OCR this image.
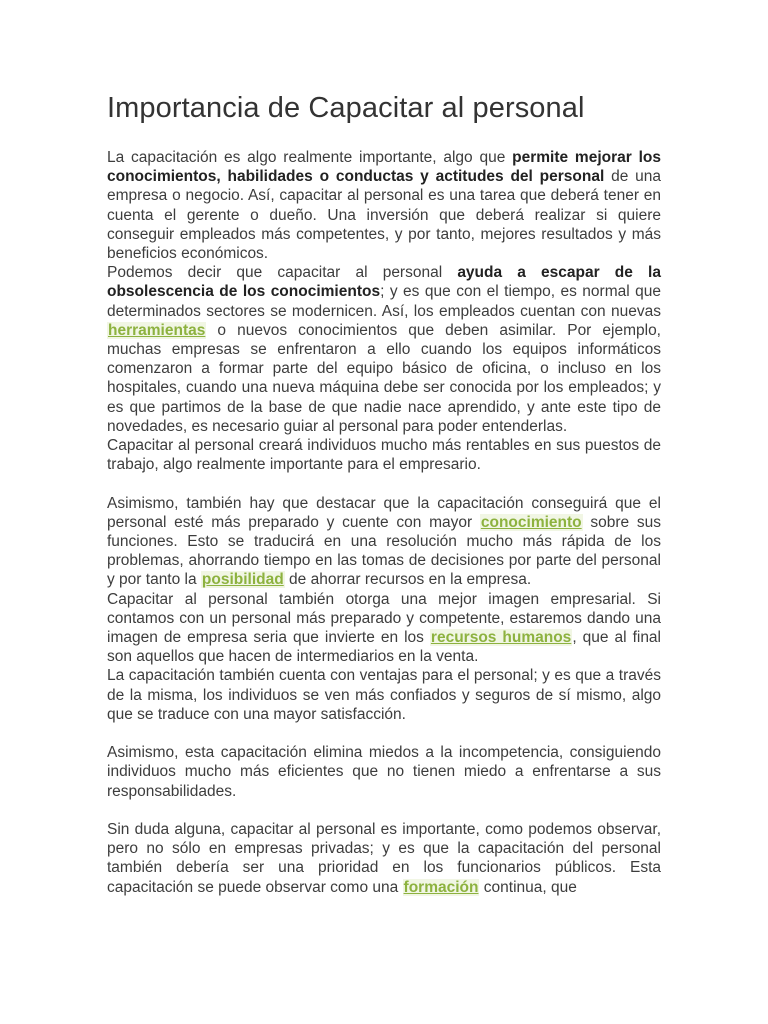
Importancia de Capacitar al personal

La capacitación es algo realmente importante, algo que permite mejorar los conocimientos, habilidades o conductas y actitudes del personal de una empresa o negocio. Así, capacitar al personal es una tarea que deberá tener en cuenta el gerente o dueño. Una inversión que deberá realizar si quiere conseguir empleados más competentes, y por tanto, mejores resultados y más beneficios económicos.

Podemos decir que capacitar al personal ayuda a escapar de la obsolescencia de los conocimientos; y es que con el tiempo, es normal que determinados sectores se modernicen. Así, los empleados cuentan con nuevas herramientas o nuevos conocimientos que deben asimilar. Por ejemplo, muchas empresas se enfrentaron a ello cuando los equipos informáticos comenzaron a formar parte del equipo básico de oficina, o incluso en los hospitales, cuando una nueva máquina debe ser conocida por los empleados; y es que partimos de la base de que nadie nace aprendido, y ante este tipo de novedades, es necesario guiar al personal para poder entenderlas.

Capacitar al personal creará individuos mucho más rentables en sus puestos de trabajo, algo realmente importante para el empresario.

Asimismo, también hay que destacar que la capacitación conseguirá que el personal esté más preparado y cuente con mayor conocimiento sobre sus funciones. Esto se traducirá en una resolución mucho más rápida de los problemas, ahorrando tiempo en las tomas de decisiones por parte del personal y por tanto la posibilidad de ahorrar recursos en la empresa.

Capacitar al personal también otorga una mejor imagen empresarial. Si contamos con un personal más preparado y competente, estaremos dando una imagen de empresa seria que invierte en los recursos humanos, que al final son aquellos que hacen de intermediarios en la venta.

La capacitación también cuenta con ventajas para el personal; y es que a través de la misma, los individuos se ven más confiados y seguros de sí mismo, algo que se traduce con una mayor satisfacción.

Asimismo, esta capacitación elimina miedos a la incompetencia, consiguiendo individuos mucho más eficientes que no tienen miedo a enfrentarse a sus responsabilidades.

Sin duda alguna, capacitar al personal es importante, como podemos observar, pero no sólo en empresas privadas; y es que la capacitación del personal también debería ser una prioridad en los funcionarios públicos. Esta capacitación se puede observar como una formación continua, que
